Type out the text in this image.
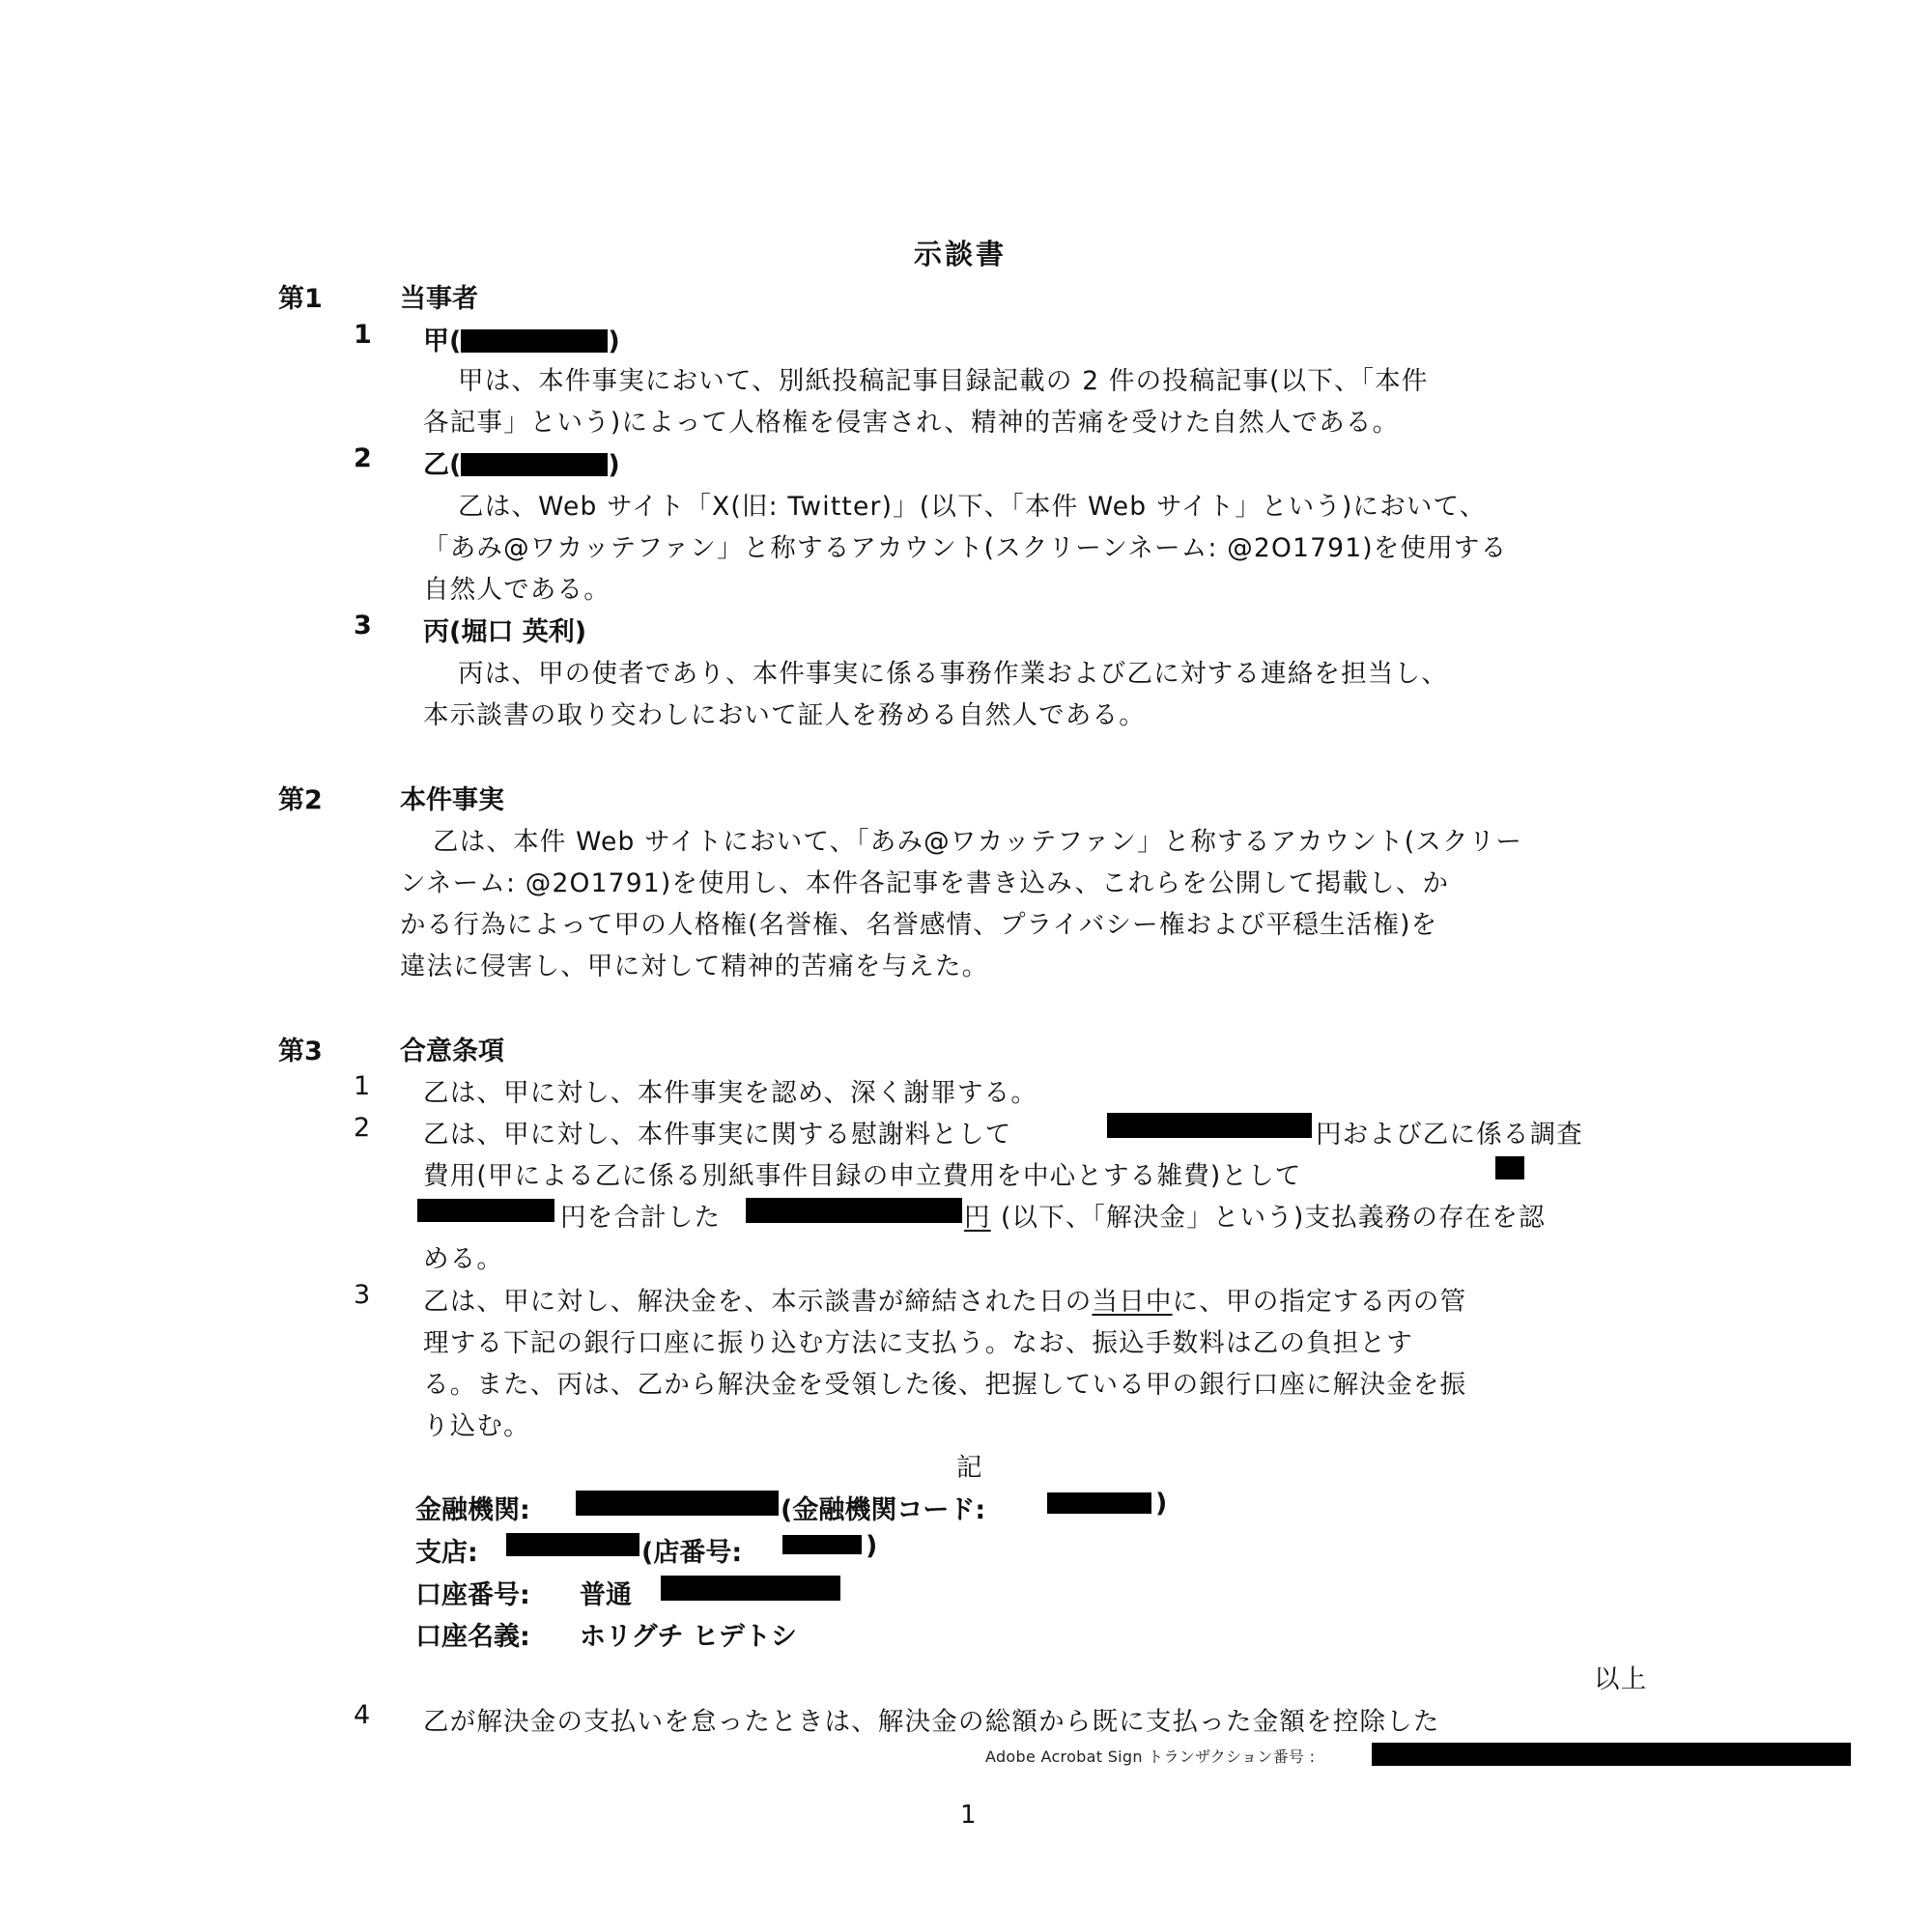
示談書
第1	当事者
1 甲(	)
甲は、本件事実において、別紙投稿記事目録記載の 2 件の投稿記事(以下、「本件
各記事」という)によって人格権を侵害され、精神的苦痛を受けた自然人である。
2 乙(	)
乙は、Web サイト「X(旧: Twitter)」(以下、「本件 Web サイト」という)において、
「あみ@ワカッテファン」と称するアカウント(スクリーンネーム: @2O1791)を使用する
自然人である。
3 丙(堀口 英利)
丙は、甲の使者であり、本件事実に係る事務作業および乙に対する連絡を担当し、
本示談書の取り交わしにおいて証人を務める自然人である。
第2	本件事実
乙は、本件 Web サイトにおいて、「あみ@ワカッテファン」と称するアカウント(スクリー
ンネーム: @2O1791)を使用し、本件各記事を書き込み、これらを公開して掲載し、か
かる行為によって甲の人格権(名誉権、名誉感情、プライバシー権および平穏生活権)を
違法に侵害し、甲に対して精神的苦痛を与えた。
第3	合意条項
1 乙は、甲に対し、本件事実を認め、深く謝罪する。
2 乙は、甲に対し、本件事実に関する慰謝料として	円および乙に係る調査
費用(甲による乙に係る別紙事件目録の申立費用を中心とする雑費)として
円を合計した	円 (以下、「解決金」という)支払義務の存在を認
める。
3 乙は、甲に対し、解決金を、本示談書が締結された日の当日中に、甲の指定する丙の管
理する下記の銀行口座に振り込む方法に支払う。なお、振込手数料は乙の負担とす
る。また、丙は、乙から解決金を受領した後、把握している甲の銀行口座に解決金を振
り込む。
記
金融機関:	(金融機関コード:	)
支店:	(店番号:	)
口座番号: 普通
口座名義: ホリグチ ヒデトシ
以上
4 乙が解決金の支払いを怠ったときは、解決金の総額から既に支払った金額を控除した
Adobe Acrobat Sign トランザクション番号 :
1
